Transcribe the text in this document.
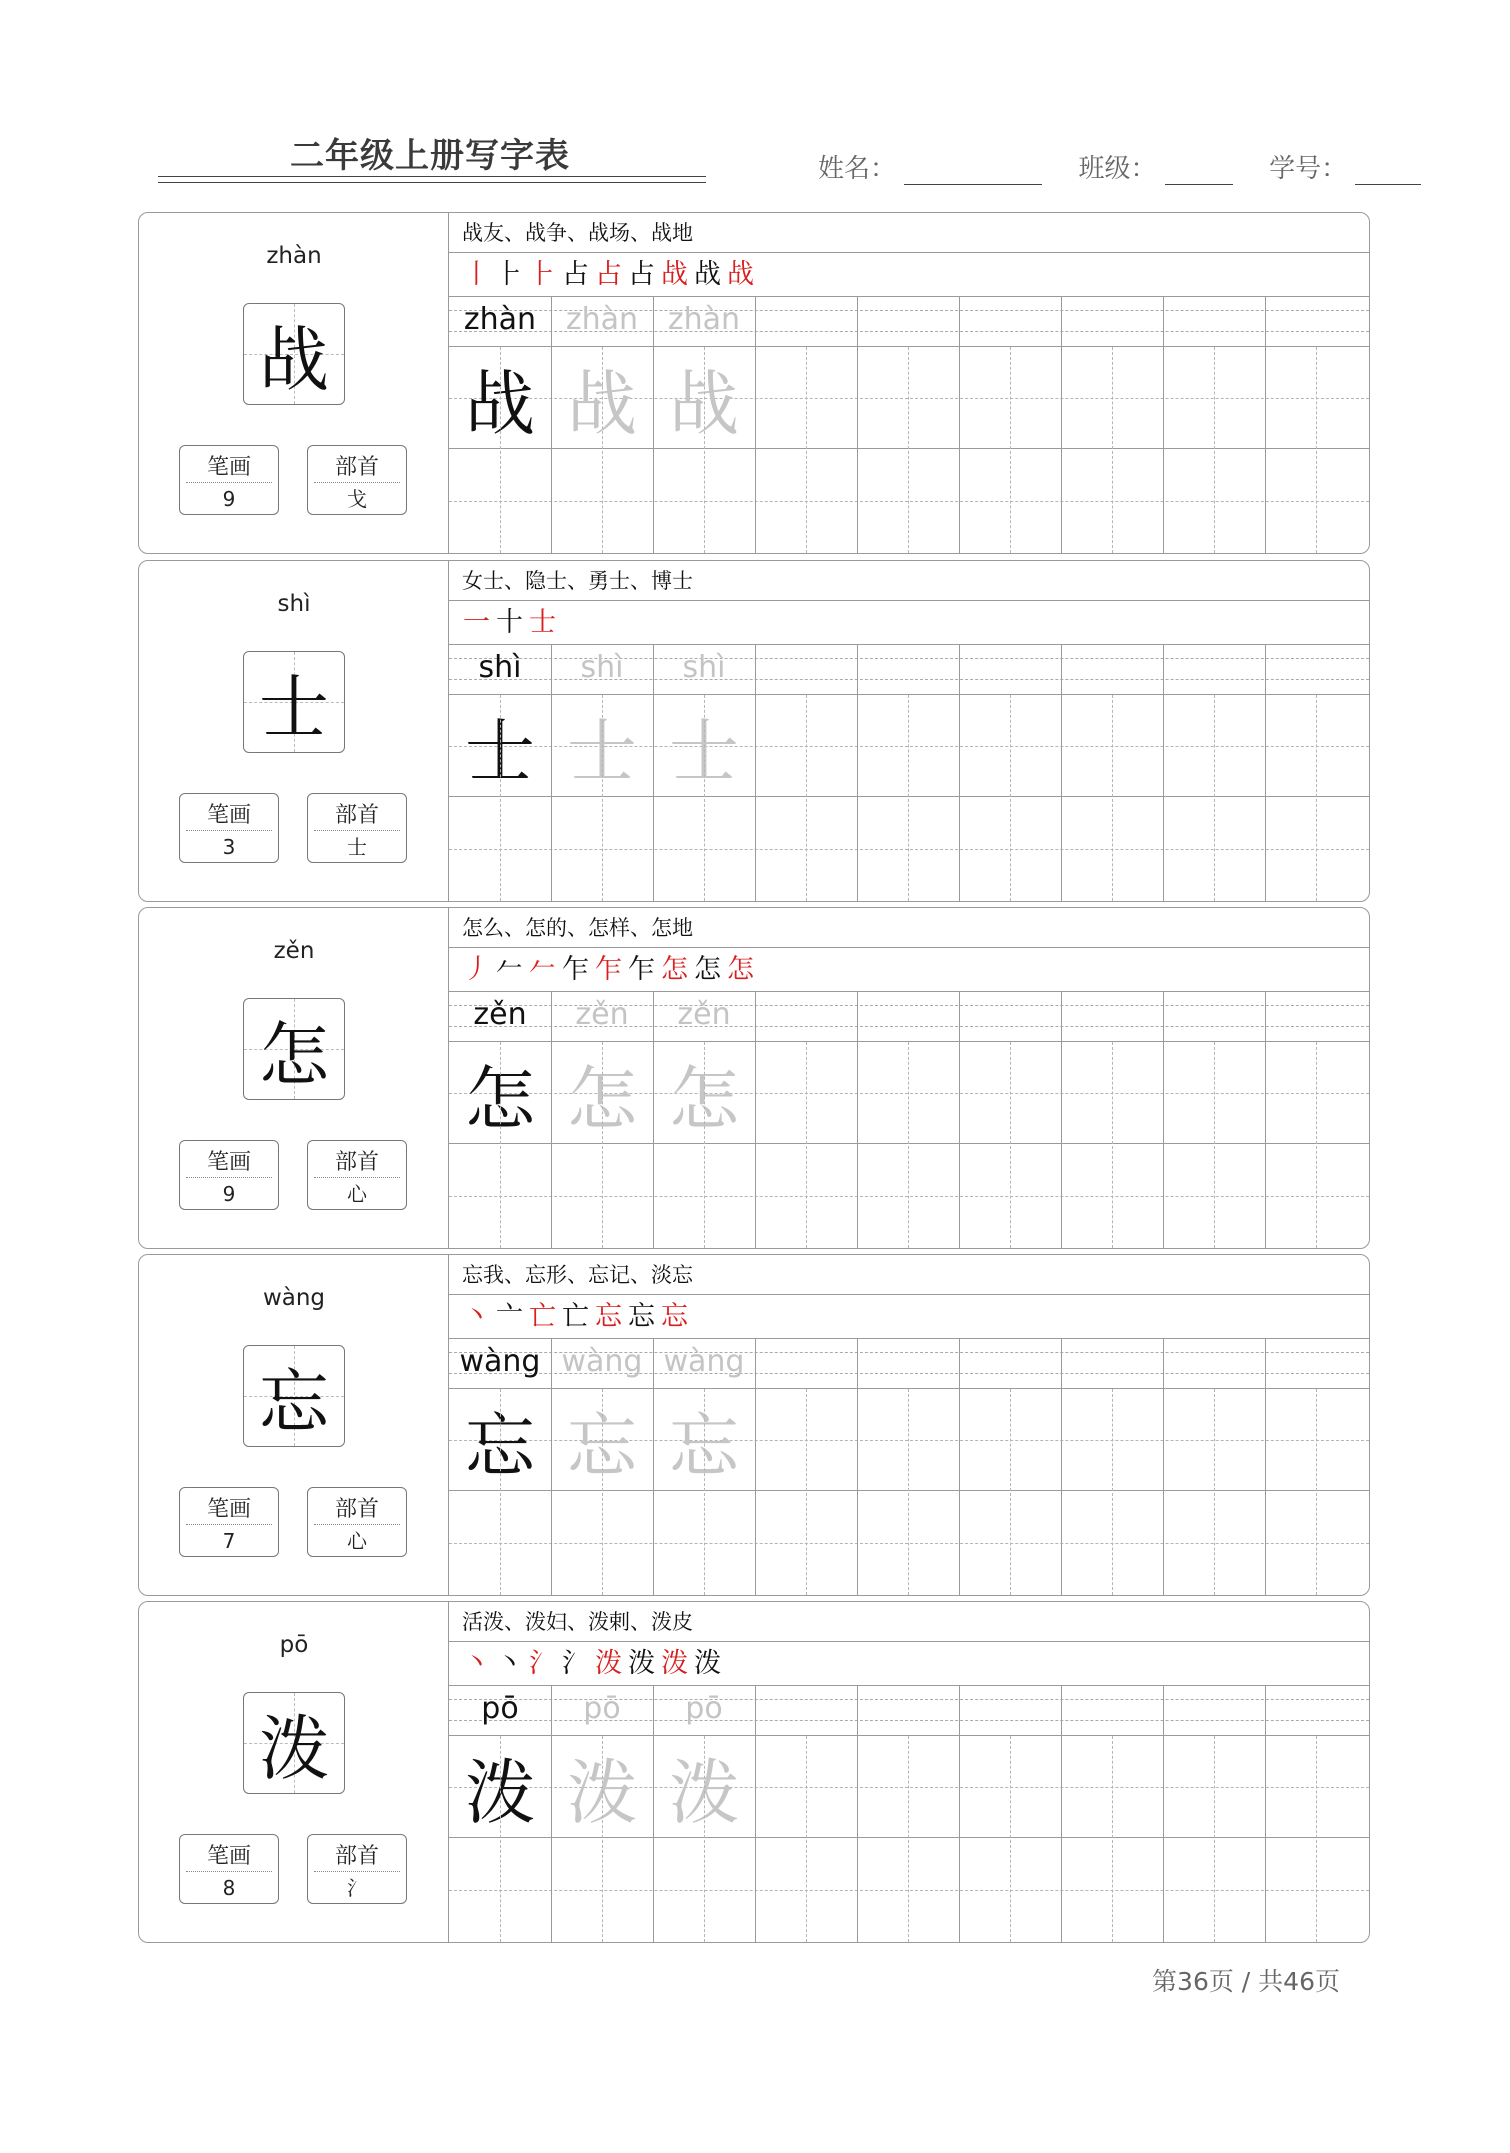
二年级上册写字表	姓名：	班级：	学号：
zhàn
战
笔画
9
部首
戈
战友、战争、战场、战地
丨⺊⺊占占占战战战
zhàn zhàn zhàn
战 战 战
shì
士
笔画
3
部首
士
女士、隐士、勇士、博士
一十士
shì	shì	shì
士 士 士
zěn
怎
笔画
9
部首
心
怎么、怎的、怎样、怎地
丿𠂉𠂉乍乍乍怎怎怎
zěn	zěn	zěn
怎 怎 怎
wàng
忘
笔画
7
部首
心
忘我、忘形、忘记、淡忘
丶亠亡亡忘忘忘
wàng wàng wàng
忘 忘 忘
pō
泼
笔画
8
部首
氵
活泼、泼妇、泼剌、泼皮
丶丶氵氵泼泼泼泼
pō	pō	pō
泼 泼 泼
第36页 / 共46页
